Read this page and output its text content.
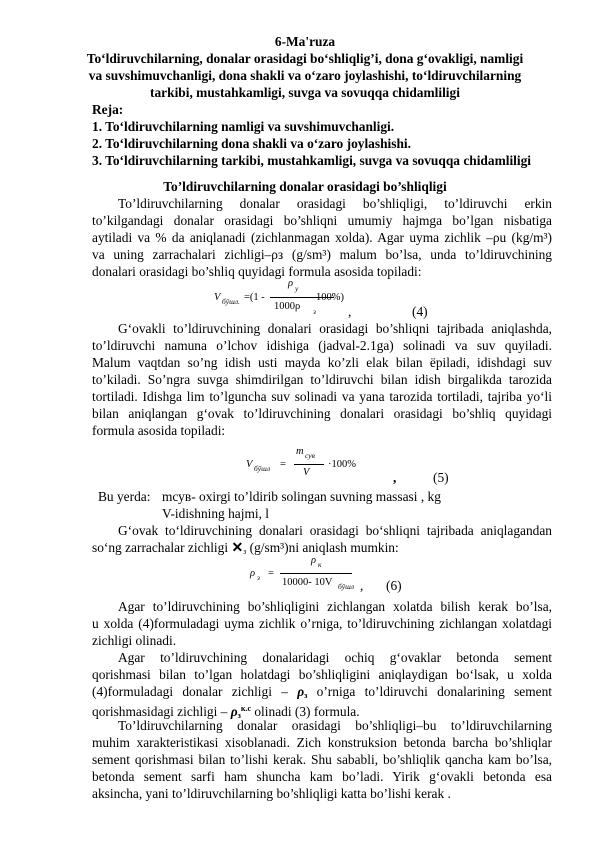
6-Ma'ruza
To‘ldiruvchilarning, donalar orasidagi bo‘shliqlig’i, dona g‘ovakligi, namligi
va suvshimuvchanligi, dona shakli va o‘zaro joylashishi, to‘ldiruvchilarning
tarkibi, mustahkamligi, suvga va sovuqqa chidamliligi
Reja:
1. To‘ldiruvchilarning namligi va suvshimuvchanligi.
2. To‘ldiruvchilarning dona shakli va o‘zaro joylashishi.
3. To‘ldiruvchilarning tarkibi, mustahkamligi, suvga va sovuqqa chidamliligi
To’ldiruvchilarning donalar orasidagi bo’shliqligi
To’ldiruvchilarning donalar orasidagi bo’shliqligi, to’ldiruvchi erkin
to’kilgandagi donalar orasidagi bo’shliqni umumiy hajmga bo’lgan nisbatiga
aytiladi va % da aniqlanadi (zichlanmagan xolda). Agar uyma zichlik –ρu (kg/m³)
va uning zarrachalari zichligi–ρз (g/sm³) malum bo’lsa, unda to’ldiruvchining
donalari orasidagi bo’shliq quyidagi formula asosida topiladi:
V бўшл. =(1 -
ρ у
1000ρ з
100%)
,	(4)
G‘ovakli to’ldiruvchining donalari orasidagi bo’shliqni tajribada aniqlashda,
to’ldiruvchi namuna o’lchov idishiga (jadval-2.1ga) solinadi va suv quyiladi.
Malum vaqtdan so’ng idish usti mayda ko’zli elak bilan ёpiladi, idishdagi suv
to’kiladi. So’ngra suvga shimdirilgan to’ldiruvchi bilan idish birgalikda tarozida
tortiladi. Idishga lim to’lguncha suv solinadi va yana tarozida tortiladi, tajriba yo‘li
bilan aniqlangan g‘ovak to’ldiruvchining donalari orasidagi bo’shliq quyidagi
formula asosida topiladi:
V бўшл =
m сув
V
·100%
,	(5)
Bu yerda: mсув- oxirgi to’ldirib solingan suvning massasi , kg
V-idishning hajmi, l
G‘ovak to‘ldiruvchining donalari orasidagi bo‘shliqni tajribada aniqlagandan
so‘ng zarrachalar zichligi $✕_з$ (g/sm³)ni aniqlash mumkin:
ρ з =
ρ к
10000- 10V бўшл , (6)
Agar to’ldiruvchining bo’shliqligini zichlangan xolatda bilish kerak bo’lsa,
u xolda (4)formuladagi uyma zichlik o’rniga, to’ldiruvchining zichlangan xolatdagi
zichligi olinadi.
Agar to’ldiruvchining donalaridagi ochiq g‘ovaklar betonda sement
qorishmasi bilan to’lgan holatdagi bo’shliqligini aniqlaydigan bo‘lsak, u xolda
(4)formuladagi donalar zichligi – $\rho_з$ o’rniga to’ldiruvchi donalarining sement
qorishmasidagi zichligi – $\rho_з^{к.с}$ olinadi (3) formula.
To’ldiruvchilarning donalar orasidagi bo’shliqligi–bu to’ldiruvchilarning
muhim xarakteristikasi xisoblanadi. Zich konstruksion betonda barcha bo’shliqlar
sement qorishmasi bilan to’lishi kerak. Shu sababli, bo’shliqlik qancha kam bo’lsa,
betonda sement sarfi ham shuncha kam bo’ladi. Yirik g‘ovakli betonda esa
aksincha, yani to’ldiruvchilarning bo’shliqligi katta bo’lishi kerak .
